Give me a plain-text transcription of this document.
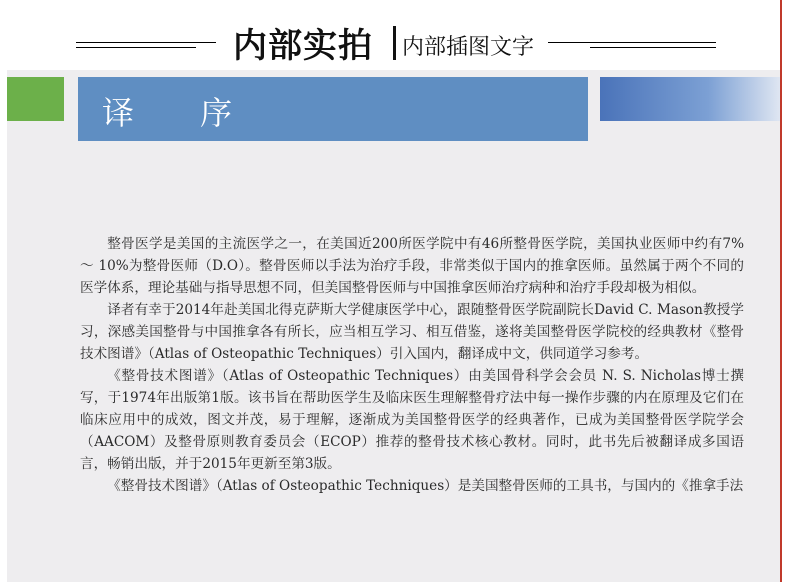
内部实拍 内部插图文字
译 序

整骨医学是美国的主流医学之一，在美国近200所医学院中有46所整骨医学院，美国执业医师中约有7% ～ 10%为整骨医师（D.O）。整骨医师以手法为治疗手段，非常类似于国内的推拿医师。虽然属于两个不同的医学体系，理论基础与指导思想不同，但美国整骨医师与中国推拿医师治疗病种和治疗手段却极为相似。

译者有幸于2014年赴美国北得克萨斯大学健康医学中心，跟随整骨医学院副院长David C. Mason教授学习，深感美国整骨与中国推拿各有所长，应当相互学习、相互借鉴，遂将美国整骨医学院校的经典教材《整骨技术图谱》（Atlas of Osteopathic Techniques）引入国内，翻译成中文，供同道学习参考。

《整骨技术图谱》（Atlas of Osteopathic Techniques）由美国骨科学会会员 N. S. Nicholas博士撰写，于1974年出版第1版。该书旨在帮助医学生及临床医生理解整骨疗法中每一操作步骤的内在原理及它们在临床应用中的成效，图文并茂，易于理解，逐渐成为美国整骨医学的经典著作，已成为美国整骨医学院学会（AACOM）及整骨原则教育委员会（ECOP）推荐的整骨技术核心教材。同时，此书先后被翻译成多国语言，畅销出版，并于2015年更新至第3版。

《整骨技术图谱》（Atlas of Osteopathic Techniques）是美国整骨医师的工具书，与国内的《推拿手法
